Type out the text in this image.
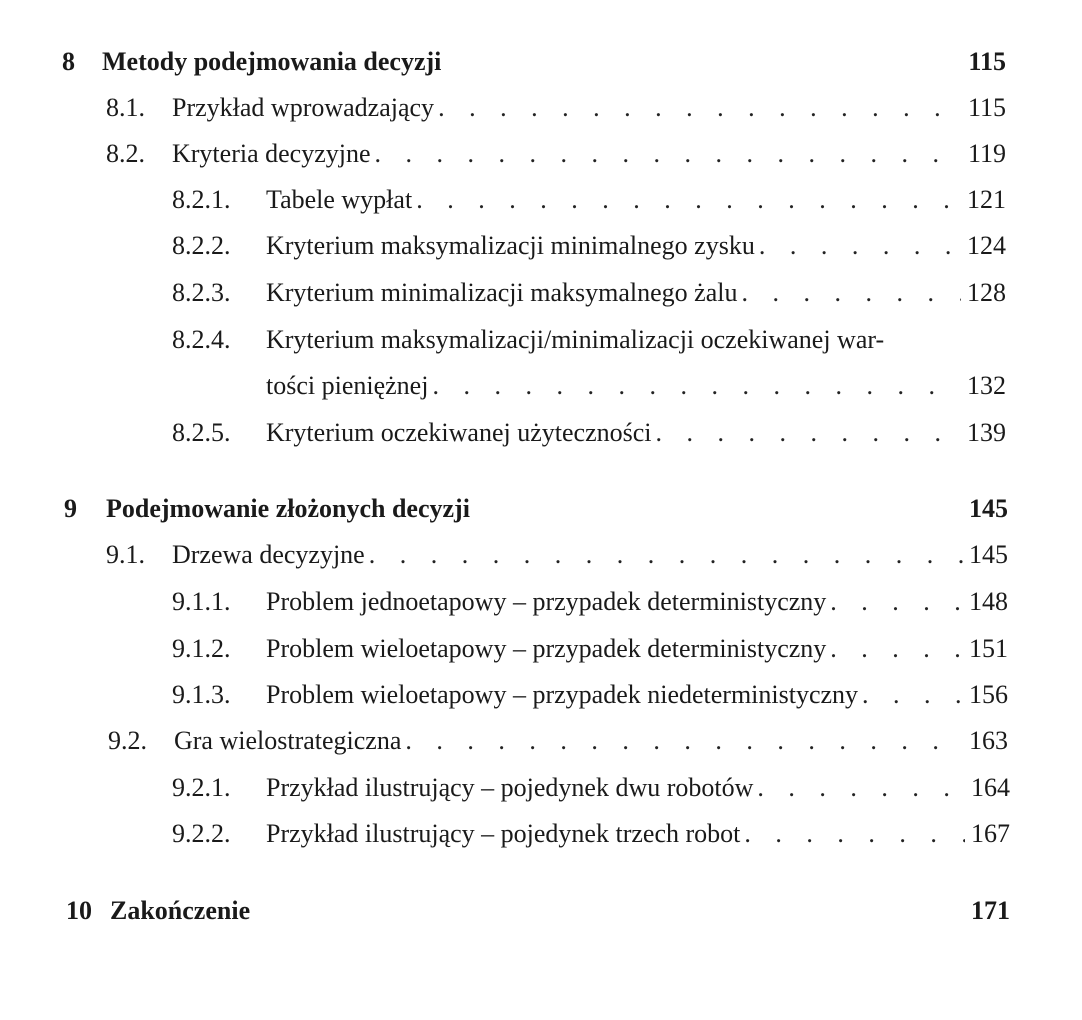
8	Metody podejmowania decyzji	115
8.1.	Przykład wprowadzający . . .	115
8.2.	Kryteria decyzyjne . . .	119
8.2.1.	Tabele wypłat . . .	121
8.2.2.	Kryterium maksymalizacji minimalnego zysku . . .	124
8.2.3.	Kryterium minimalizacji maksymalnego żalu . . .	128
8.2.4.	Kryterium maksymalizacji/minimalizacji oczekiwanej war-
tości pieniężnej . . .	132
8.2.5.	Kryterium oczekiwanej użyteczności . . .	139
9	Podejmowanie złożonych decyzji	145
9.1.	Drzewa decyzyjne . . .	145
9.1.1.	Problem jednoetapowy – przypadek deterministyczny . . .	148
9.1.2.	Problem wieloetapowy – przypadek deterministyczny . . .	151
9.1.3.	Problem wieloetapowy – przypadek niedeterministyczny . . .	156
9.2.	Gra wielostrategiczna . . .	163
9.2.1.	Przykład ilustrujący – pojedynek dwu robotów . . .	164
9.2.2.	Przykład ilustrujący – pojedynek trzech robot . . .	167
10 Zakończenie	171
